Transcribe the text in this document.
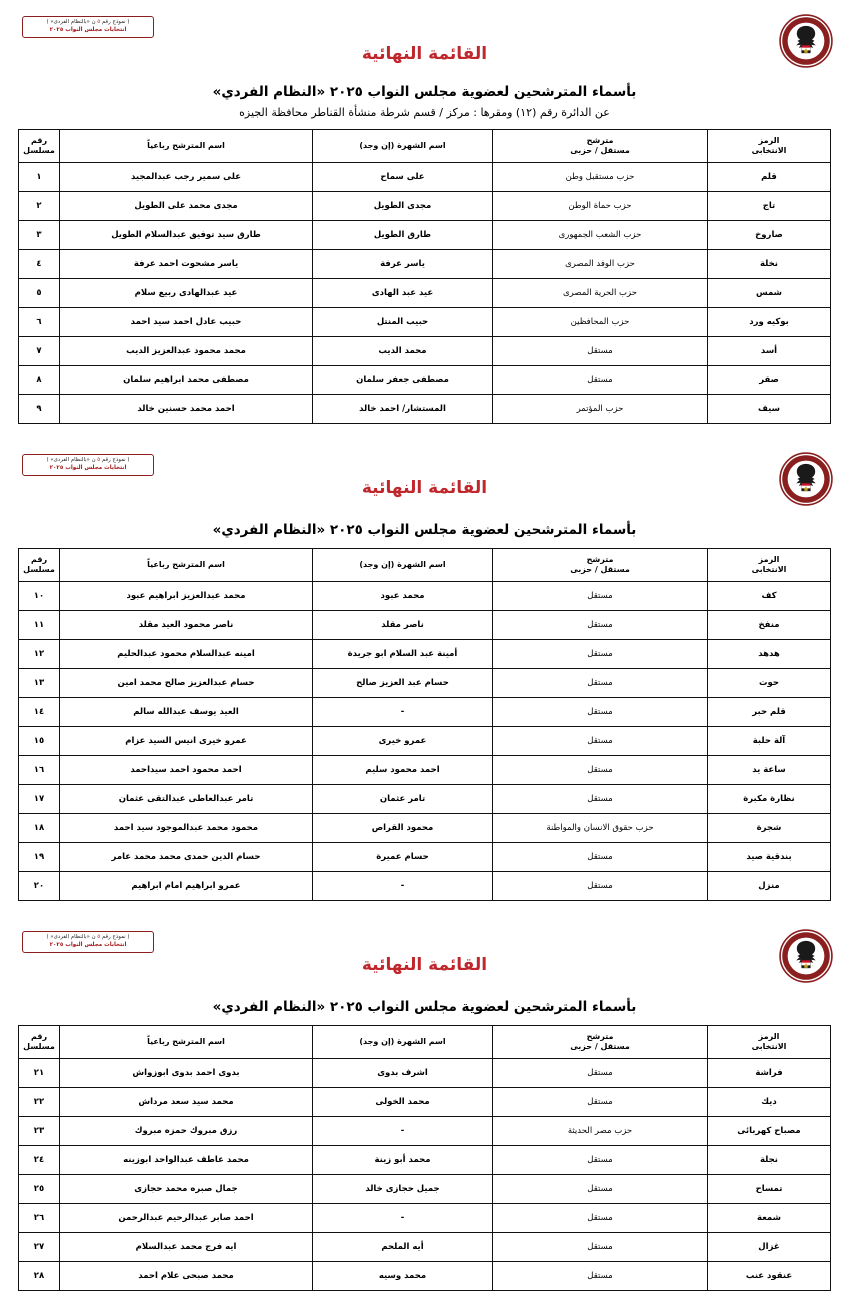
( نموذج رقم ٥ ن «بالنظام الفردى» )
انتخابات مجلس النواب ٢٠٢٥
القائمة النهائية
بأسماء المترشحين لعضوية مجلس النواب ٢٠٢٥ «النظام الفردي»
عن الدائرة رقم (١٢) ومقرها : مركز / قسم شرطة منشأة القناطر محافظة الجيزه
الرمز
الانتخابى

مترشح
مستقل / حزبى
	اسم الشهرة (إن وجد)	اسم المترشح رباعياً	
رقم
مسلسل

قلم	حزب مستقبل وطن	على سماح	على سمير رجب عبدالمجيد	١
تاج	حزب حماة الوطن	مجدى الطويل	مجدى محمد على الطويل	٢
صاروخ	حزب الشعب الجمهورى	طارق الطويل	طارق سيد توفيق عبدالسلام الطويل	٣
نخلة	حزب الوفد المصرى	ياسر عرفة	ياسر مشحوت احمد عرفة	٤
شمس	حزب الحرية المصرى	عيد عبد الهادى	عيد عبدالهادى ربيع سلام	٥
بوكيه ورد	حزب المحافظين	حبيب المنتل	حبيب عادل احمد سيد احمد	٦
أسد	مستقل	محمد الديب	محمد محمود عبدالعزيز الديب	٧
صقر	مستقل	مصطفى جعفر سلمان	مصطفى محمد ابراهيم سلمان	٨
سيف	حزب المؤتمر	المستشار/ احمد خالد	احمد محمد حسنين خالد	٩
( نموذج رقم ٥ ن «بالنظام الفردى» )
انتخابات مجلس النواب ٢٠٢٥
القائمة النهائية
بأسماء المترشحين لعضوية مجلس النواب ٢٠٢٥ «النظام الفردي»
الرمز
الانتخابى

مترشح
مستقل / حزبى
	اسم الشهرة (إن وجد)	اسم المترشح رباعياً	
رقم
مسلسل

كف	مستقل	محمد عبود	محمد عبدالعزيز ابراهيم عبود	١٠
منفخ	مستقل	ناصر مقلد	ناصر محمود العيد مقلد	١١
هدهد	مستقل	أمينة عبد السلام ابو جريدة	امينه عبدالسلام محمود عبدالحليم	١٢
حوت	مستقل	حسام عبد العزيز صالح	حسام عبدالعزيز صالح محمد امين	١٣
قلم حبر	مستقل	-	العيد يوسف عبدالله سالم	١٤
آلة حلبة	مستقل	عمرو خيرى	عمرو خيرى انيس السيد عزام	١٥
ساعة يد	مستقل	احمد محمود سليم	احمد محمود احمد سيداحمد	١٦
نظارة مكبرة	مستقل	تامر عثمان	تامر عبدالعاطى عبدالتقى عثمان	١٧
شجرة	حزب حقوق الانسان والمواطنة	محمود القراص	محمود محمد عبدالموجود سيد احمد	١٨
بندقية صيد	مستقل	حسام عميرة	حسام الدين حمدى محمد محمد عامر	١٩
منزل	مستقل	-	عمرو ابراهيم امام ابراهيم	٢٠
( نموذج رقم ٥ ن «بالنظام الفردى» )
انتخابات مجلس النواب ٢٠٢٥
القائمة النهائية
بأسماء المترشحين لعضوية مجلس النواب ٢٠٢٥ «النظام الفردي»
الرمز
الانتخابى

مترشح
مستقل / حزبى
	اسم الشهرة (إن وجد)	اسم المترشح رباعياً	
رقم
مسلسل

فراشة	مستقل	اشرف بدوى	بدوى احمد بدوى ابوزواش	٢١
ديك	مستقل	محمد الخولى	محمد سيد سعد مرداش	٢٢
مصباح كهربائى	حزب مصر الحديثة	-	رزق مبروك حمزه مبروك	٢٣
نجلة	مستقل	محمد أبو زينة	محمد عاطف عبدالواحد ابوزينه	٢٤
تمساح	مستقل	جميل حجازى خالد	جمال صبره محمد حجازى	٢٥
شمعة	مستقل	-	احمد صابر عبدالرحيم عبدالرحمن	٢٦
غزال	مستقل	أيه الملحم	ايه فرج محمد عبدالسلام	٢٧
عنقود عنب	مستقل	محمد وسيه	محمد صبحى علام احمد	٢٨
